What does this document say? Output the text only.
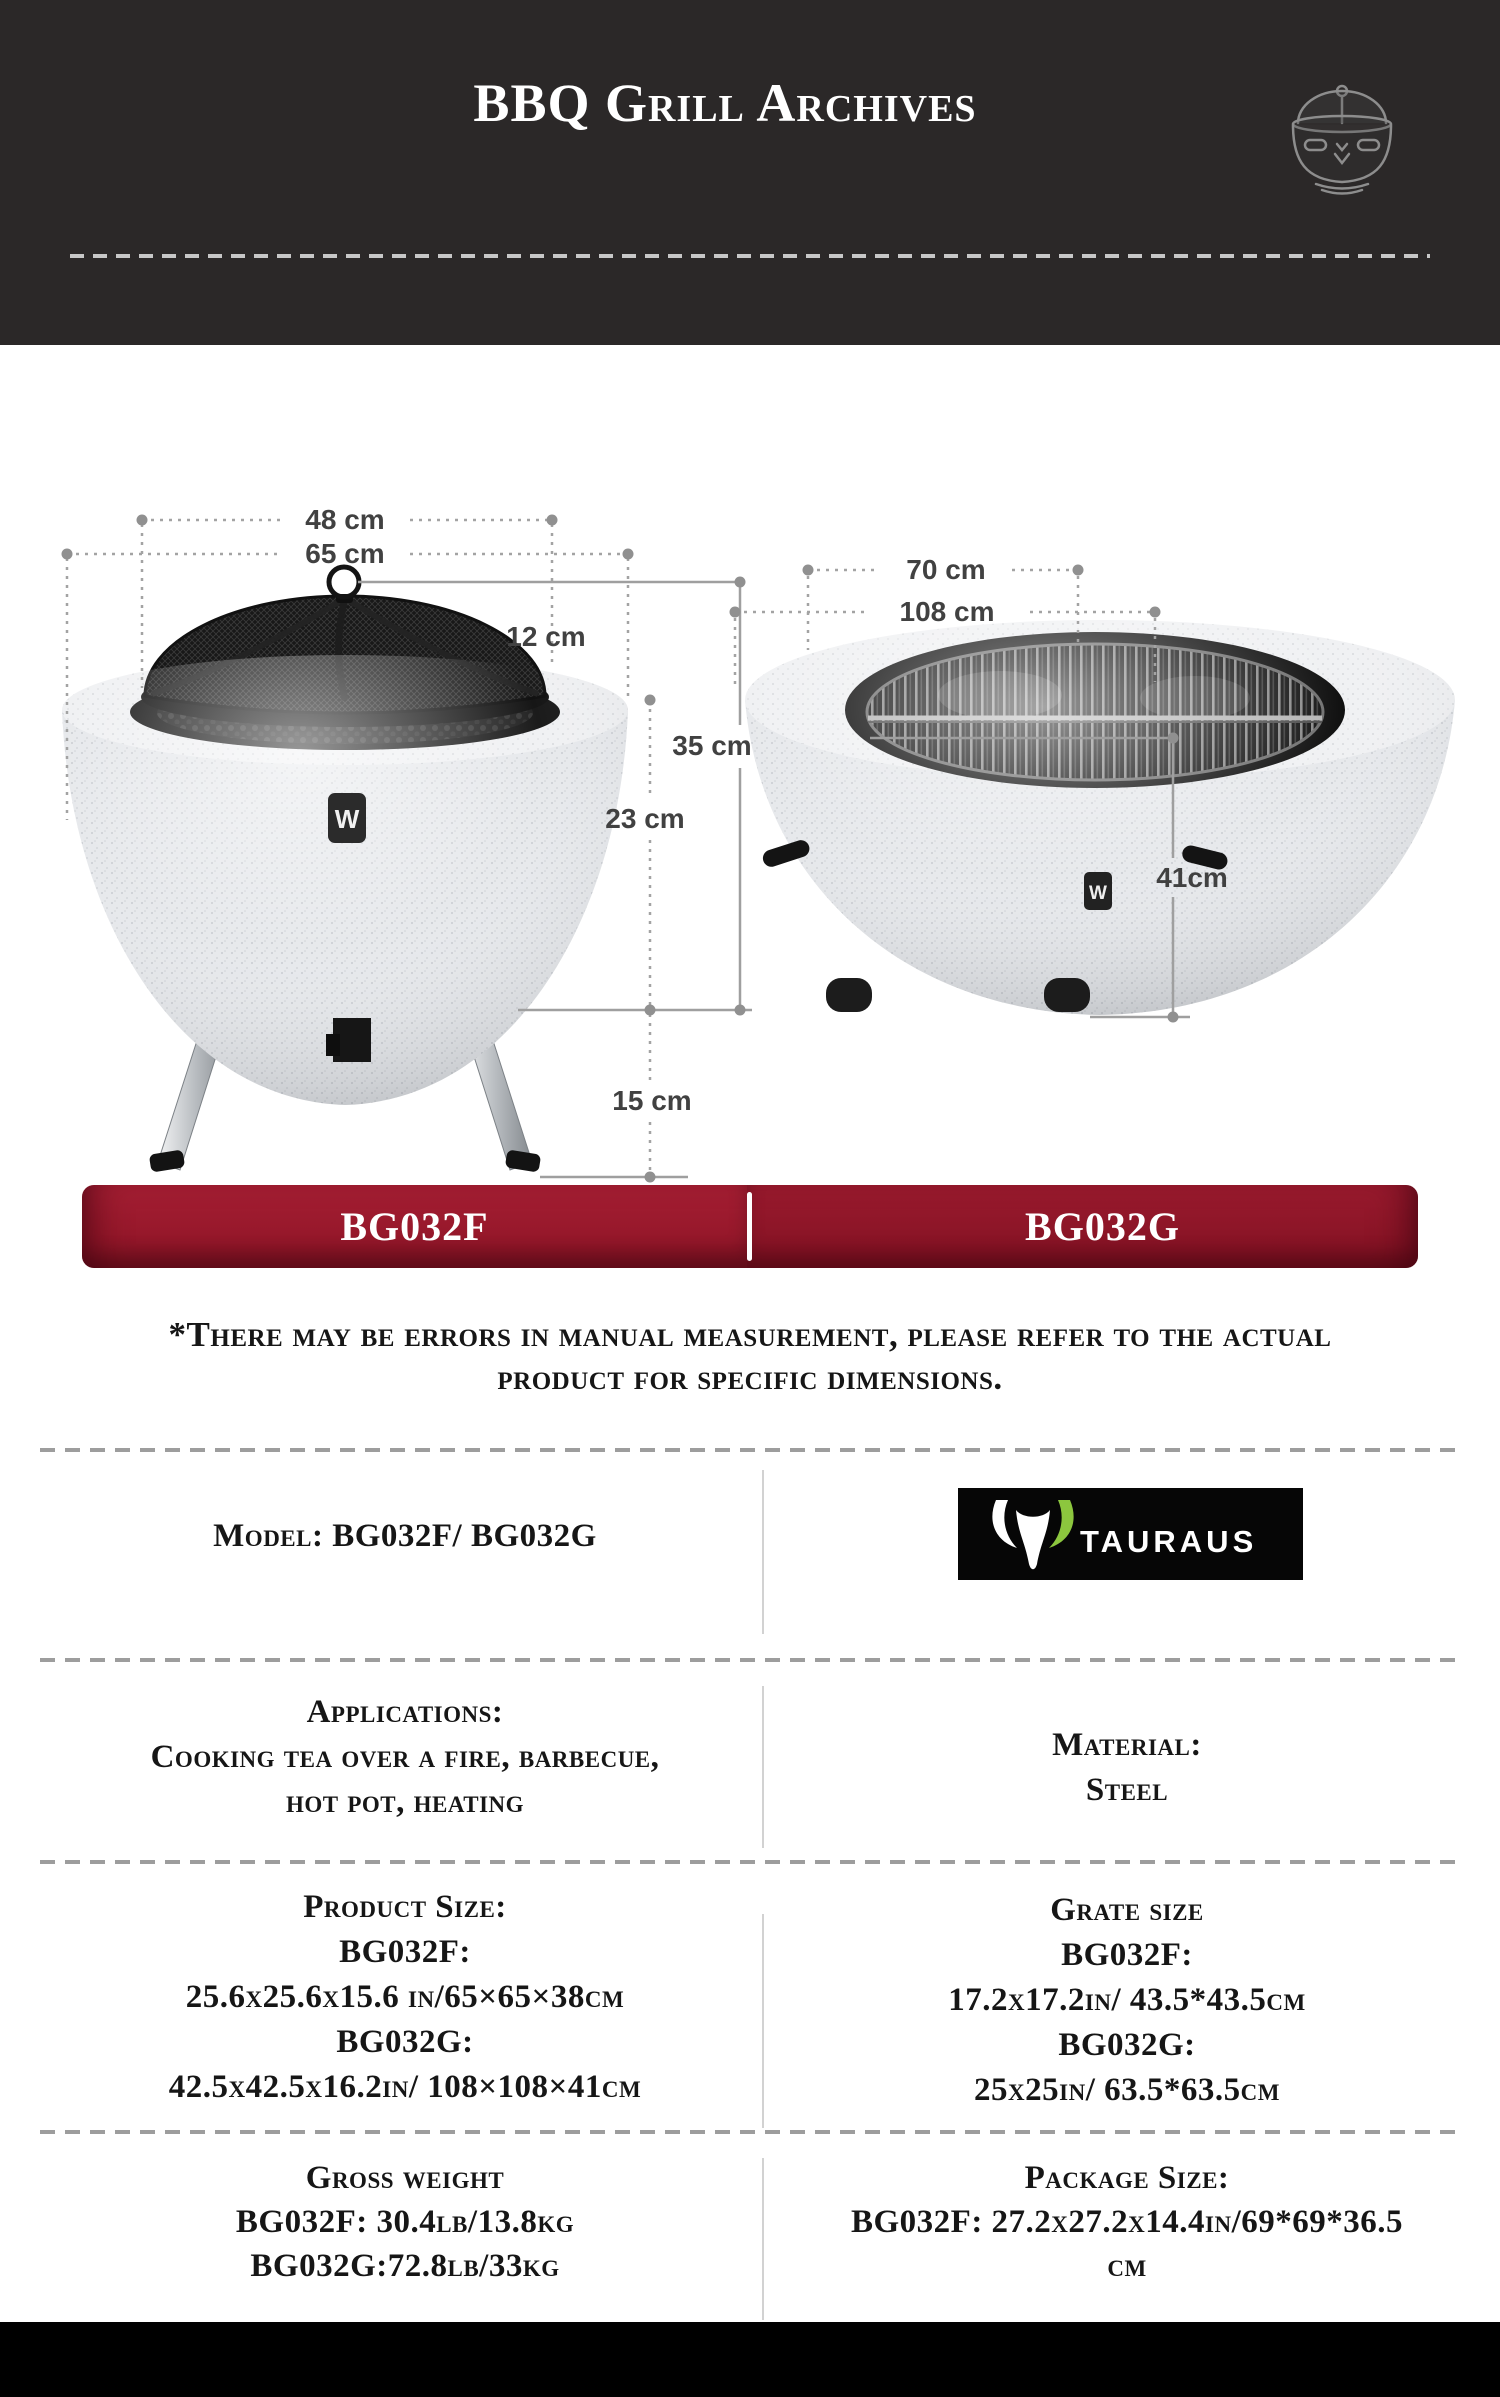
BBQ Grill Archives
W
48 cm
65 cm
12 cm
35 cm
23 cm
15 cm
W
70 cm
108 cm
41cm
BG032F	BG032G
*There may be errors in manual measurement, please refer to the actual
product for specific dimensions.
Model: BG032F/ BG032G	TAURAUS
Applications:
Cooking tea over a fire, barbecue,
hot pot, heating
Material:
Steel
Product Size:
BG032F:
25.6x25.6x15.6 in/65×65×38cm
BG032G:
42.5x42.5x16.2in/ 108×108×41cm
Grate size
BG032F:
17.2x17.2in/ 43.5*43.5cm
BG032G:
25x25in/ 63.5*63.5cm
Gross weight
BG032F: 30.4lb/13.8kg
BG032G:72.8lb/33kg
Package Size:
BG032F: 27.2x27.2x14.4in/69*69*36.5
cm
